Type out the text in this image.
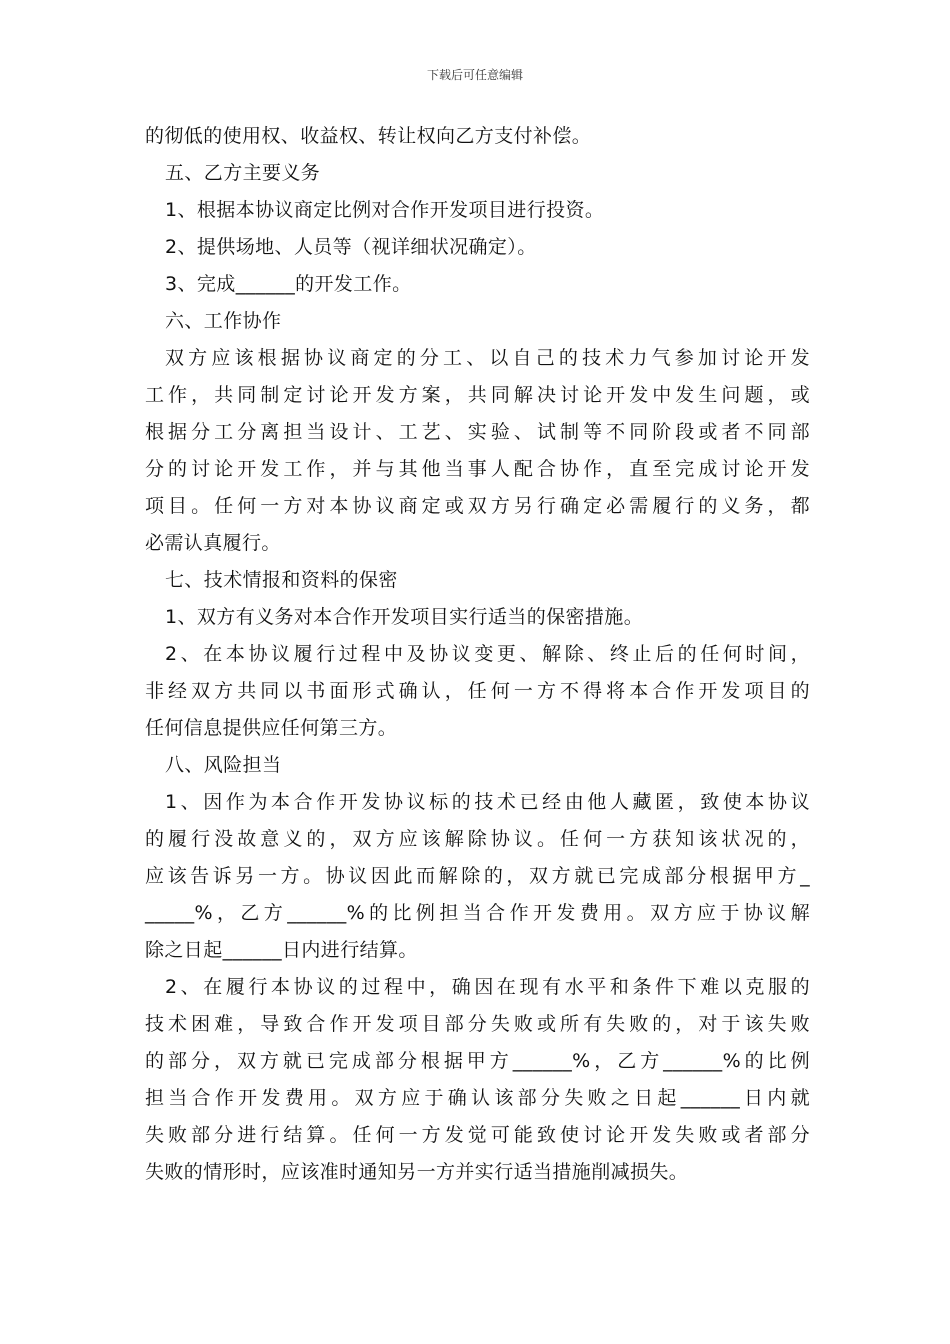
下载后可任意编辑
的彻低的使用权、收益权、转让权向乙方支付补偿。
五、乙方主要义务
1、根据本协议商定比例对合作开发项目进行投资。
2、提供场地、人员等（视详细状况确定）。
3、完成______的开发工作。
六、工作协作
双方应该根据协议商定的分工、以自己的技术力气参加讨论开发
工作，共同制定讨论开发方案，共同解决讨论开发中发生问题，或
根据分工分离担当设计、工艺、实验、试制等不同阶段或者不同部
分的讨论开发工作，并与其他当事人配合协作，直至完成讨论开发
项目。任何一方对本协议商定或双方另行确定必需履行的义务，都
必需认真履行。
七、技术情报和资料的保密
1、双方有义务对本合作开发项目实行适当的保密措施。
2、在本协议履行过程中及协议变更、解除、终止后的任何时间，
非经双方共同以书面形式确认，任何一方不得将本合作开发项目的
任何信息提供应任何第三方。
八、风险担当
1、因作为本合作开发协议标的技术已经由他人藏匿，致使本协议
的履行没故意义的，双方应该解除协议。任何一方获知该状况的，
应该告诉另一方。协议因此而解除的，双方就已完成部分根据甲方_
_____%，乙方______%的比例担当合作开发费用。双方应于协议解
除之日起______日内进行结算。
2、在履行本协议的过程中，确因在现有水平和条件下难以克服的
技术困难，导致合作开发项目部分失败或所有失败的，对于该失败
的部分，双方就已完成部分根据甲方______%，乙方______%的比例
担当合作开发费用。双方应于确认该部分失败之日起______日内就
失败部分进行结算。任何一方发觉可能致使讨论开发失败或者部分
失败的情形时，应该准时通知另一方并实行适当措施削减损失。
